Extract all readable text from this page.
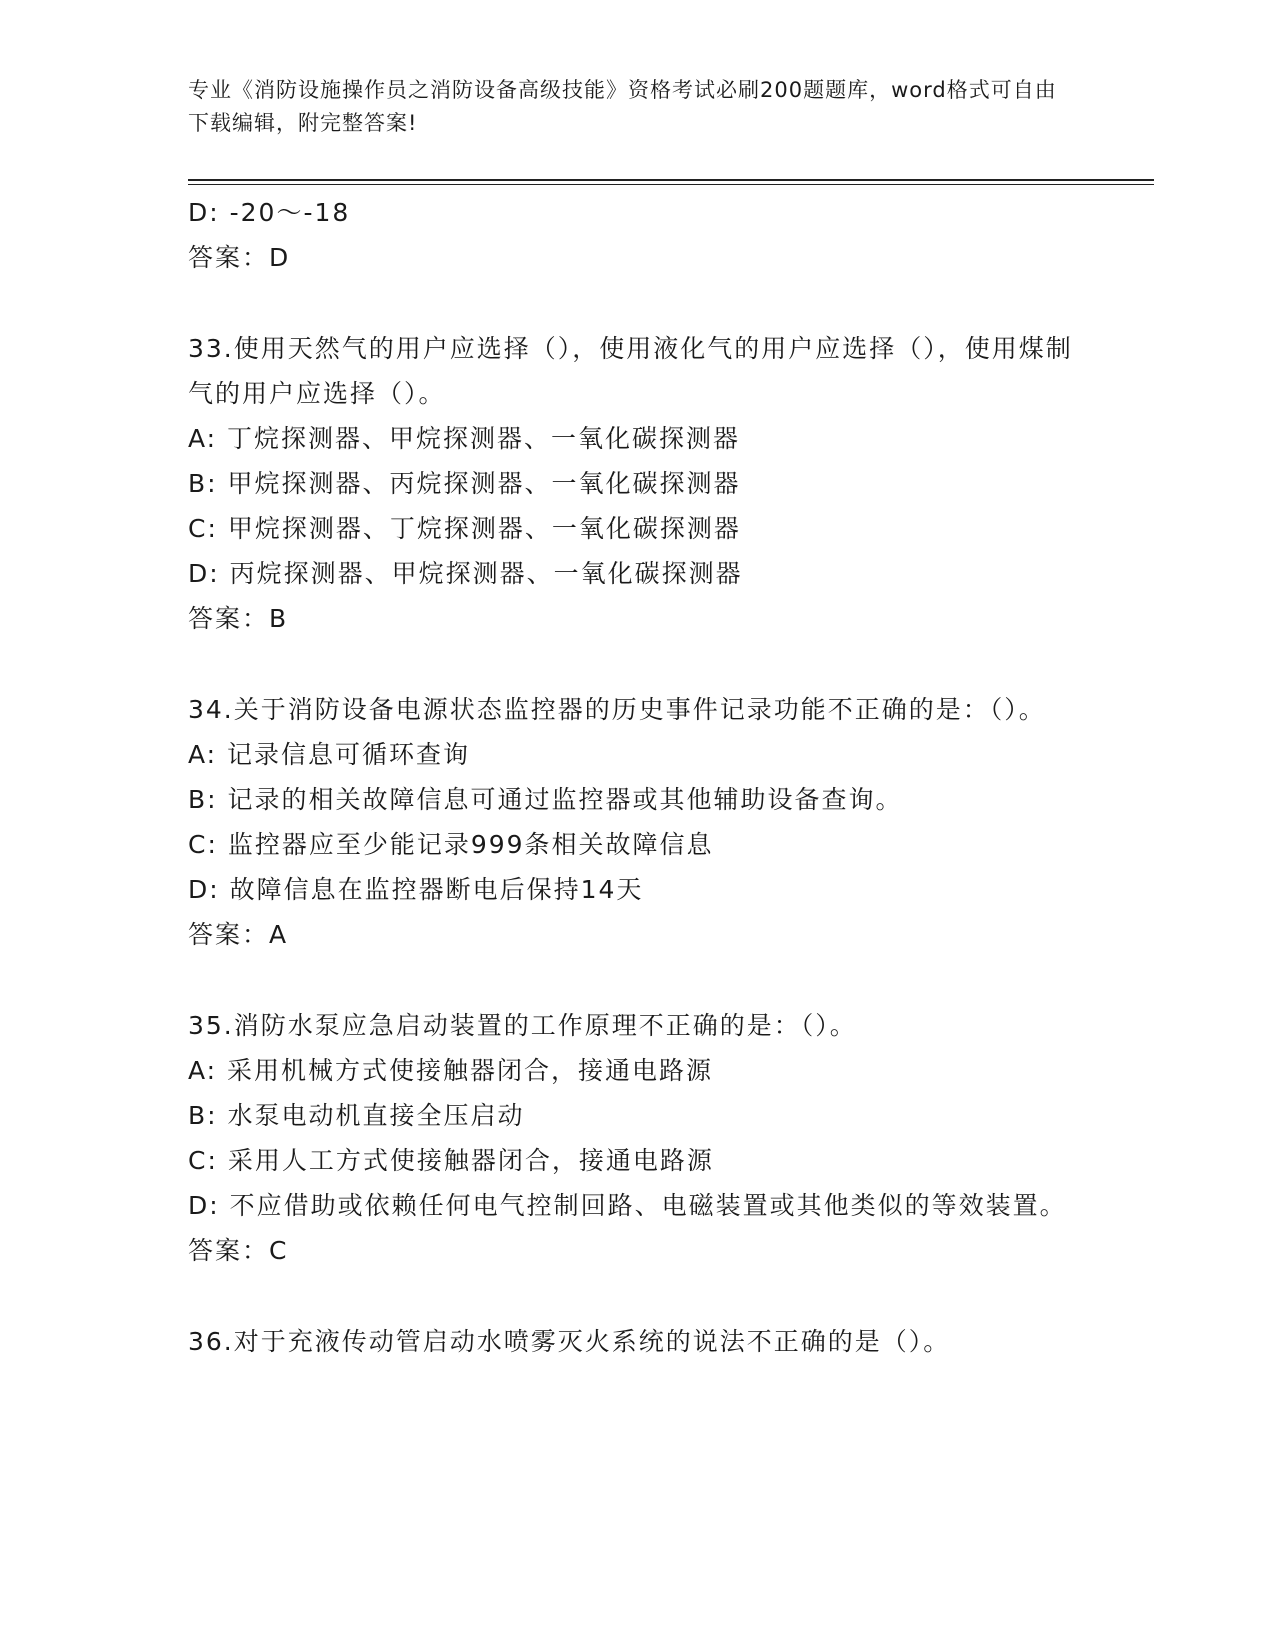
专业《消防设施操作员之消防设备高级技能》资格考试必刷200题题库，word格式可自由下载编辑，附完整答案!

D: -20～-18

答案：D

33.使用天然气的用户应选择（），使用液化气的用户应选择（），使用煤制气的用户应选择（）。

A: 丁烷探测器、甲烷探测器、一氧化碳探测器

B: 甲烷探测器、丙烷探测器、一氧化碳探测器

C: 甲烷探测器、丁烷探测器、一氧化碳探测器

D: 丙烷探测器、甲烷探测器、一氧化碳探测器

答案：B

34.关于消防设备电源状态监控器的历史事件记录功能不正确的是：（）。

A: 记录信息可循环查询

B: 记录的相关故障信息可通过监控器或其他辅助设备查询。

C: 监控器应至少能记录999条相关故障信息

D: 故障信息在监控器断电后保持14天

答案：A

35.消防水泵应急启动装置的工作原理不正确的是：（）。

A: 采用机械方式使接触器闭合，接通电路源

B: 水泵电动机直接全压启动

C: 采用人工方式使接触器闭合，接通电路源

D: 不应借助或依赖任何电气控制回路、电磁装置或其他类似的等效装置。

答案：C

36.对于充液传动管启动水喷雾灭火系统的说法不正确的是（）。
